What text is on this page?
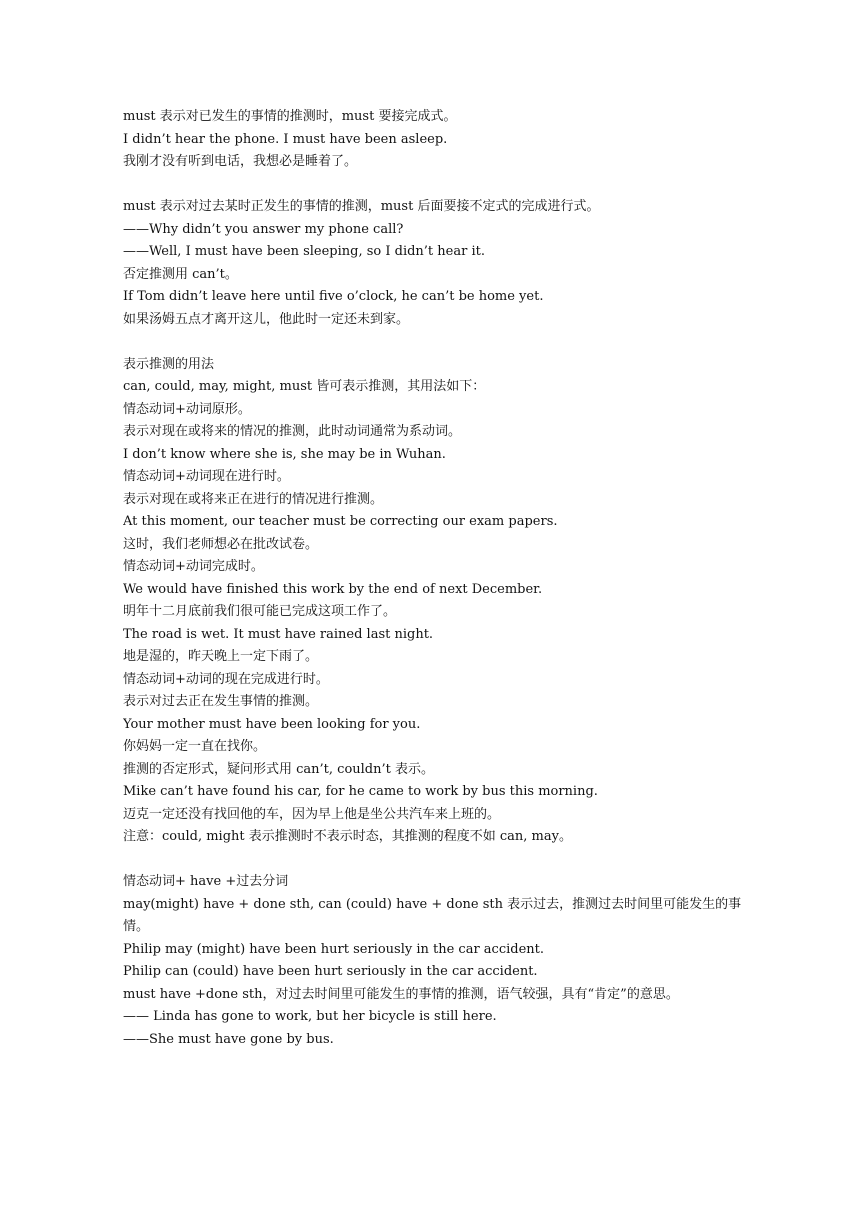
must 表示对已发生的事情的推测时，must 要接完成式。
I didn’t hear the phone. I must have been asleep.
我刚才没有听到电话，我想必是睡着了。
must 表示对过去某时正发生的事情的推测，must 后面要接不定式的完成进行式。
——Why didn’t you answer my phone call?
——Well, I must have been sleeping, so I didn’t hear it.
否定推测用 can’t。
If Tom didn’t leave here until five o’clock, he can’t be home yet.
如果汤姆五点才离开这儿，他此时一定还未到家。
表示推测的用法
can, could, may, might, must 皆可表示推测，其用法如下：
情态动词+动词原形。
表示对现在或将来的情况的推测，此时动词通常为系动词。
I don’t know where she is, she may be in Wuhan.
情态动词+动词现在进行时。
表示对现在或将来正在进行的情况进行推测。
At this moment, our teacher must be correcting our exam papers.
这时，我们老师想必在批改试卷。
情态动词+动词完成时。
We would have finished this work by the end of next December.
明年十二月底前我们很可能已完成这项工作了。
The road is wet. It must have rained last night.
地是湿的，昨天晚上一定下雨了。
情态动词+动词的现在完成进行时。
表示对过去正在发生事情的推测。
Your mother must have been looking for you.
你妈妈一定一直在找你。
推测的否定形式，疑问形式用 can’t, couldn’t 表示。
Mike can’t have found his car, for he came to work by bus this morning.
迈克一定还没有找回他的车，因为早上他是坐公共汽车来上班的。
注意：could, might 表示推测时不表示时态，其推测的程度不如 can, may。
情态动词+ have +过去分词
may(might) have + done sth, can (could) have + done sth 表示过去，推测过去时间里可能发生的事情。
Philip may (might) have been hurt seriously in the car accident.
Philip can (could) have been hurt seriously in the car accident.
must have +done sth，对过去时间里可能发生的事情的推测，语气较强，具有“肯定”的意思。
—— Linda has gone to work, but her bicycle is still here.
——She must have gone by bus.
